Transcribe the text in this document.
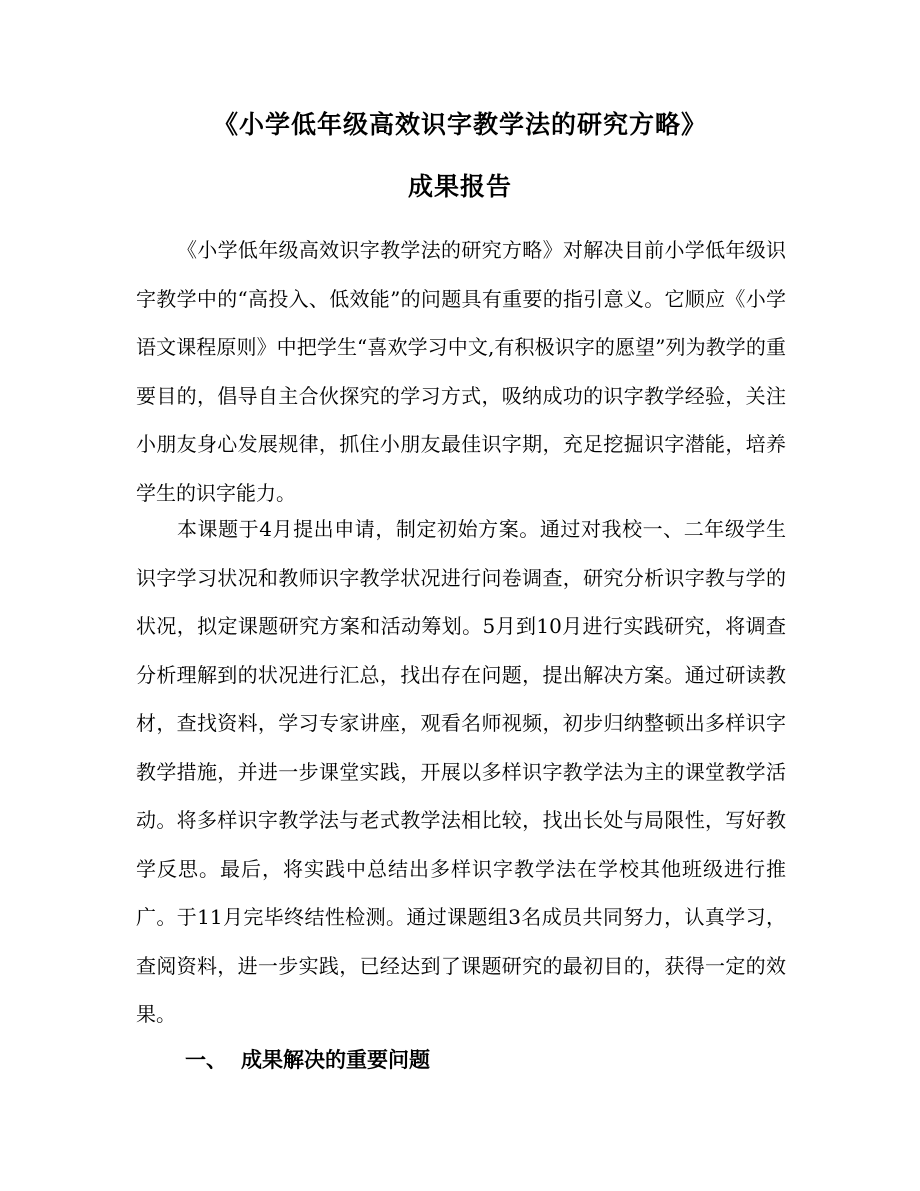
《小学低年级高效识字教学法的研究方略》
成果报告

《小学低年级高效识字教学法的研究方略》对解决目前小学低年级识字教学中的“高投入、低效能”的问题具有重要的指引意义。它顺应《小学语文课程原则》中把学生“喜欢学习中文,有积极识字的愿望”列为教学的重要目的，倡导自主合伙探究的学习方式，吸纳成功的识字教学经验，关注小朋友身心发展规律，抓住小朋友最佳识字期，充足挖掘识字潜能，培养学生的识字能力。

本课题于4月提出申请，制定初始方案。通过对我校一、二年级学生识字学习状况和教师识字教学状况进行问卷调查，研究分析识字教与学的状况，拟定课题研究方案和活动筹划。5月到10月进行实践研究，将调查分析理解到的状况进行汇总，找出存在问题，提出解决方案。通过研读教材，查找资料，学习专家讲座，观看名师视频，初步归纳整顿出多样识字教学措施，并进一步课堂实践，开展以多样识字教学法为主的课堂教学活动。将多样识字教学法与老式教学法相比较，找出长处与局限性，写好教学反思。最后，将实践中总结出多样识字教学法在学校其他班级进行推广。于11月完毕终结性检测。通过课题组3名成员共同努力，认真学习，查阅资料，进一步实践，已经达到了课题研究的最初目的，获得一定的效果。

一、 成果解决的重要问题
